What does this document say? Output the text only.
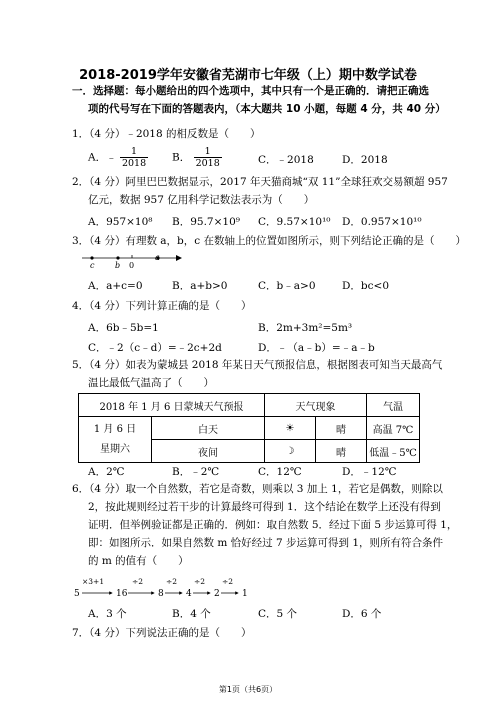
2018-2019学年安徽省芜湖市七年级（上）期中数学试卷
一．选择题：每小题给出的四个选项中，其中只有一个是正确的．请把正确选
项的代号写在下面的答题表内，（本大题共 10 小题，每题 4 分，共 40 分）
1．（4 分）﹣2018 的相反数是（　　）
A．﹣ $\frac{1}{2018}$ B． $\frac{1}{2018}$	C．﹣2018	D．2018
2．（4 分）阿里巴巴数据显示，2017 年天猫商城“双 11”全球狂欢交易额超 957
亿元，数据 957 亿用科学记数法表示为（　　）
A．957×10⁸ B．95.7×10⁹ C．9.57×10¹⁰ D．0.957×10¹⁰
3．（4 分）有理数 a，b，c 在数轴上的位置如图所示，则下列结论正确的是（　　）
c	b 0
a
A．a+c=0	B．a+b>0	C．b﹣a>0	D．bc<0
4．（4 分）下列计算正确的是（　　）
A．6b﹣5b=1	B．2m+3m²=5m³
C．﹣2（c﹣d）=﹣2c+2d	D．﹣（a﹣b）=﹣a﹣b
5．（4 分）如表为蒙城县 2018 年某日天气预报信息，根据图表可知当天最高气
温比最低气温高了（　　）
2018 年 1 月 6 日蒙城天气预报		天气现象		气温

1 月 6 日
星期六	白天	☀	晴	高温 7℃
	夜间	☽	晴	低温﹣5℃
A．2℃	B．﹣2℃	C．12℃	D．﹣12℃
6．（4 分）取一个自然数，若它是奇数，则乘以 3 加上 1，若它是偶数，则除以
2，按此规则经过若干步的计算最终可得到 1．这个结论在数学上还没有得到
证明．但举例验证都是正确的．例如：取自然数 5．经过下面 5 步运算可得 1，
即：如图所示．如果自然数 m 恰好经过 7 步运算可得到 1，则所有符合条件
的 m 的值有（　　）
5
×3+1
16
÷2
8
÷2
4
÷2
2
÷2
1
A．3 个	B．4 个	C．5 个	D．6 个
7．（4 分）下列说法正确的是（　　）
第1页（共6页）
